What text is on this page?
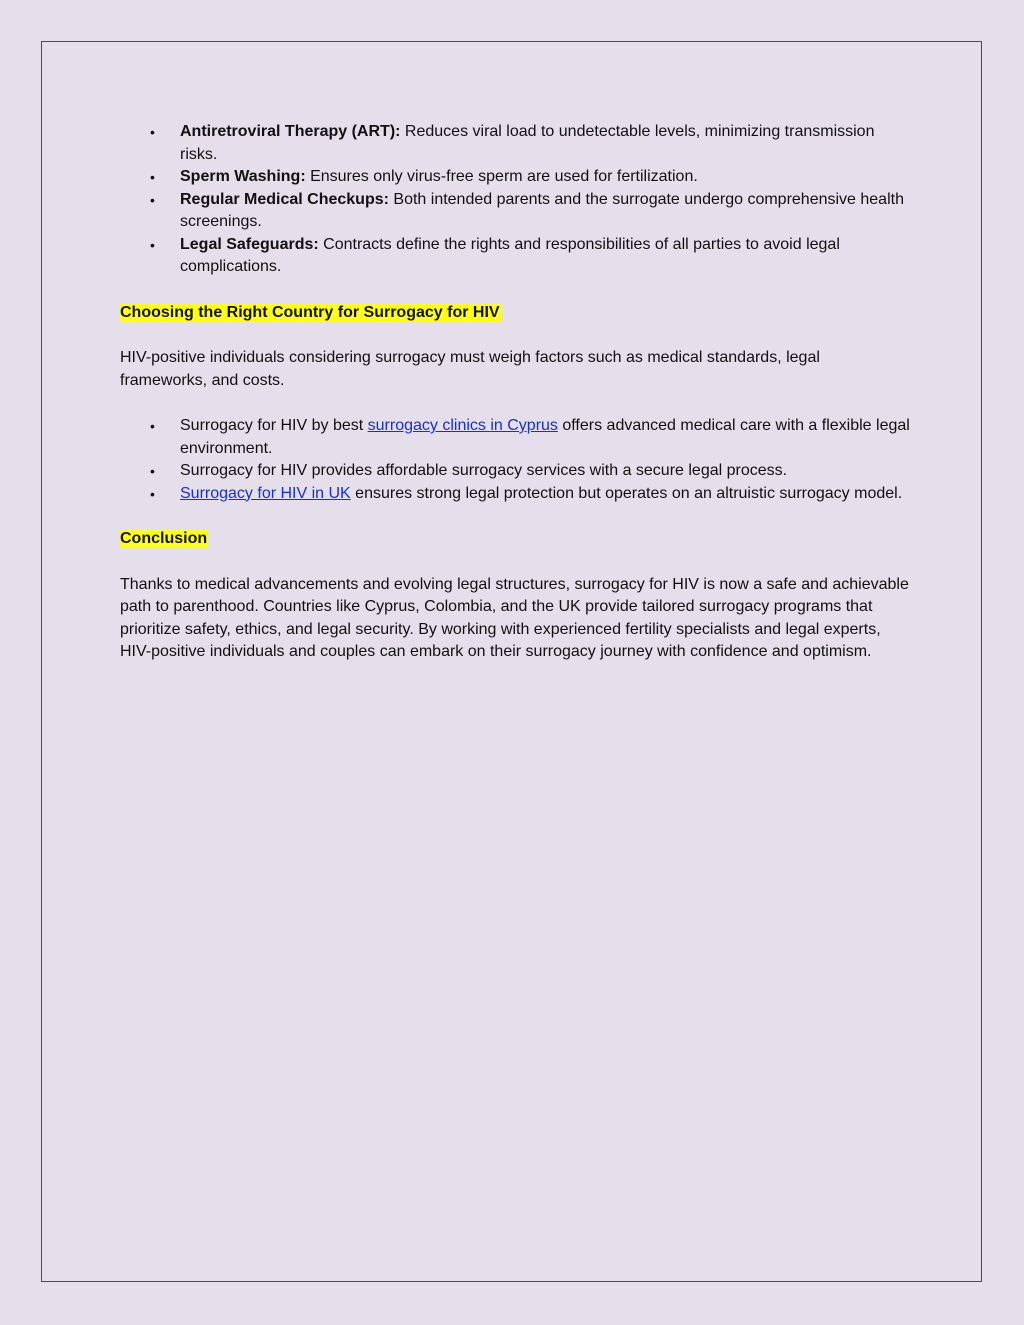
• Antiretroviral Therapy (ART): Reduces viral load to undetectable levels, minimizing transmission risks.
• Sperm Washing: Ensures only virus-free sperm are used for fertilization.
• Regular Medical Checkups: Both intended parents and the surrogate undergo comprehensive health screenings.
• Legal Safeguards: Contracts define the rights and responsibilities of all parties to avoid legal complications.

Choosing the Right Country for Surrogacy for HIV

HIV-positive individuals considering surrogacy must weigh factors such as medical standards, legal frameworks, and costs.

• Surrogacy for HIV by best surrogacy clinics in Cyprus offers advanced medical care with a flexible legal environment.
• Surrogacy for HIV provides affordable surrogacy services with a secure legal process.
• Surrogacy for HIV in UK ensures strong legal protection but operates on an altruistic surrogacy model.

Conclusion

Thanks to medical advancements and evolving legal structures, surrogacy for HIV is now a safe and achievable path to parenthood. Countries like Cyprus, Colombia, and the UK provide tailored surrogacy programs that prioritize safety, ethics, and legal security. By working with experienced fertility specialists and legal experts, HIV-positive individuals and couples can embark on their surrogacy journey with confidence and optimism.
